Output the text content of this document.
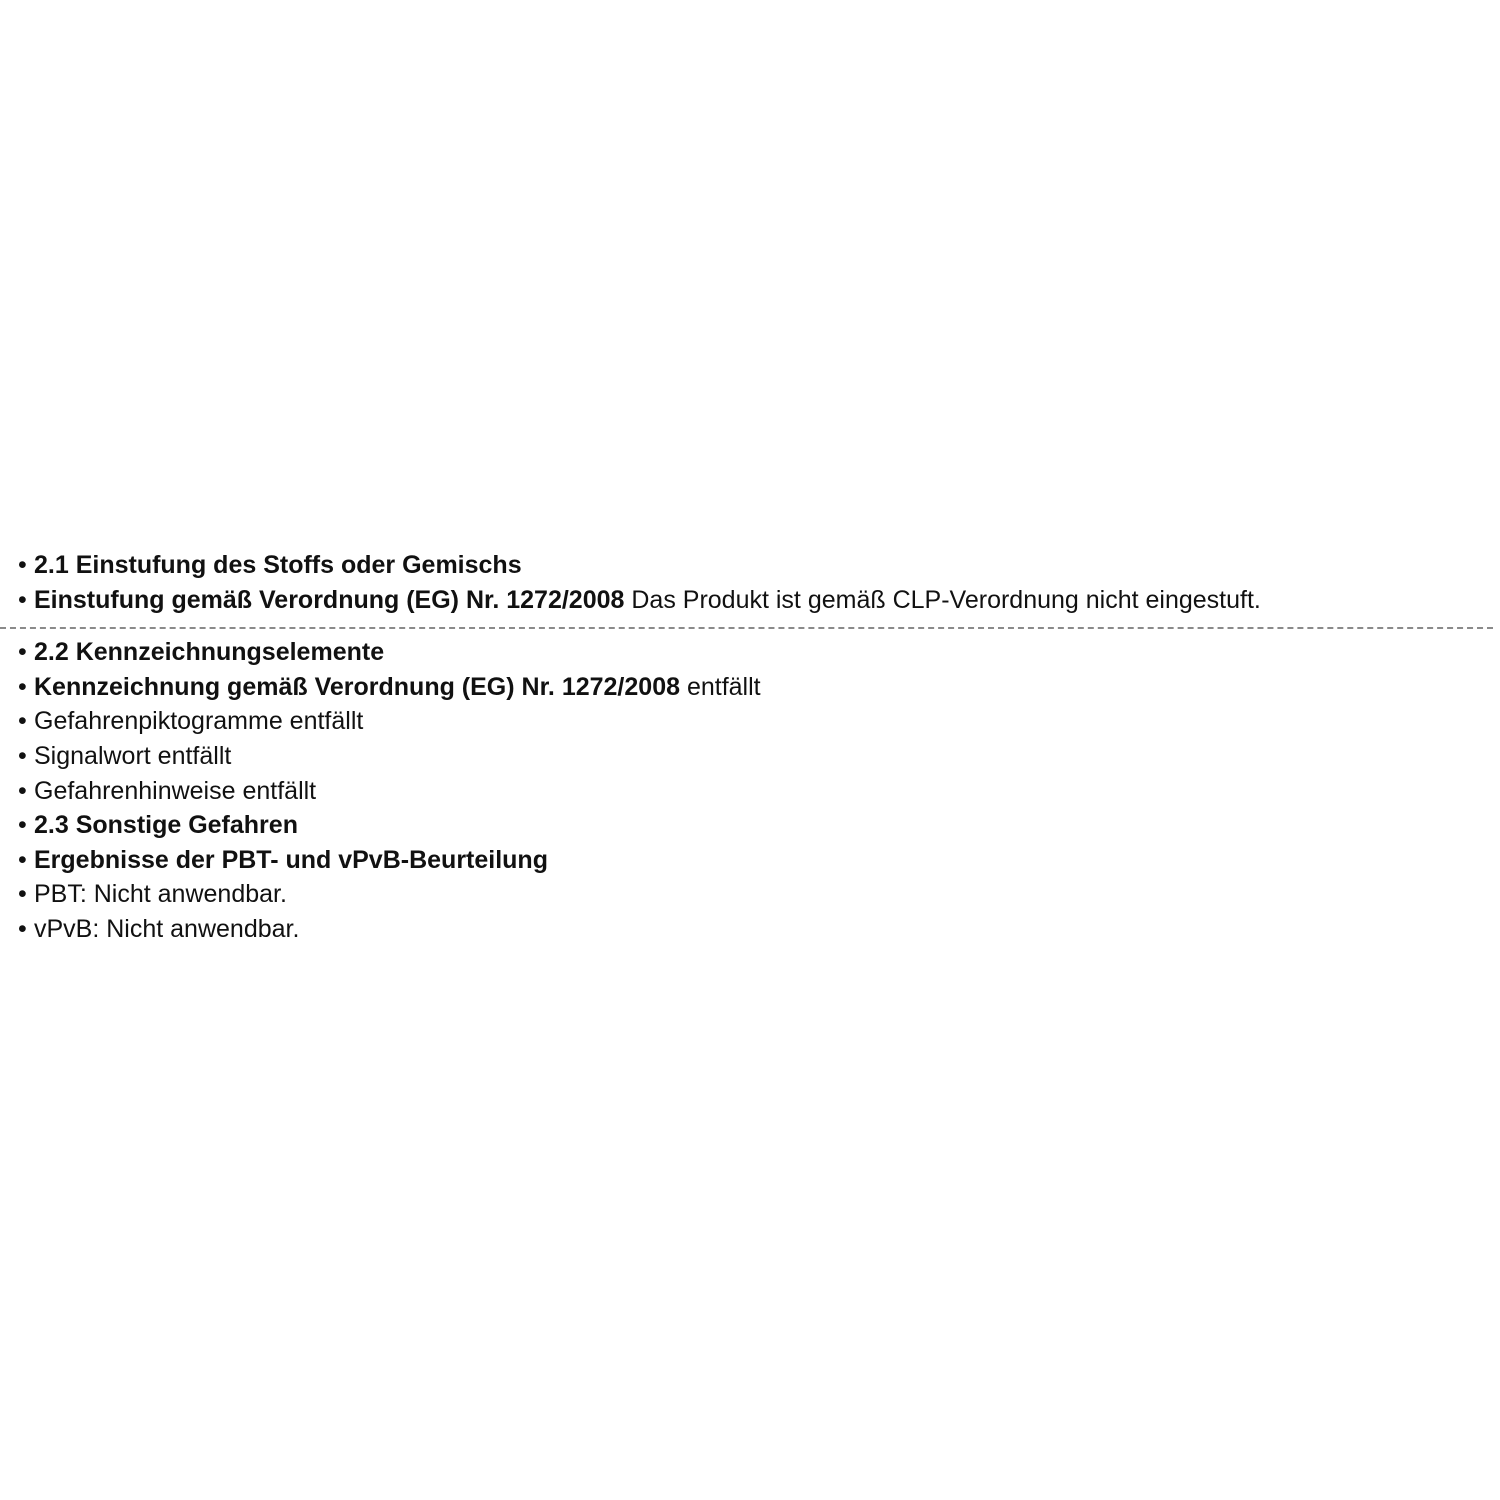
• 2.1 Einstufung des Stoffs oder Gemischs
• Einstufung gemäß Verordnung (EG) Nr. 1272/2008 Das Produkt ist gemäß CLP-Verordnung nicht eingestuft.
• 2.2 Kennzeichnungselemente
• Kennzeichnung gemäß Verordnung (EG) Nr. 1272/2008 entfällt
• Gefahrenpiktogramme entfällt
• Signalwort entfällt
• Gefahrenhinweise entfällt
• 2.3 Sonstige Gefahren
• Ergebnisse der PBT- und vPvB-Beurteilung
• PBT: Nicht anwendbar.
• vPvB: Nicht anwendbar.
